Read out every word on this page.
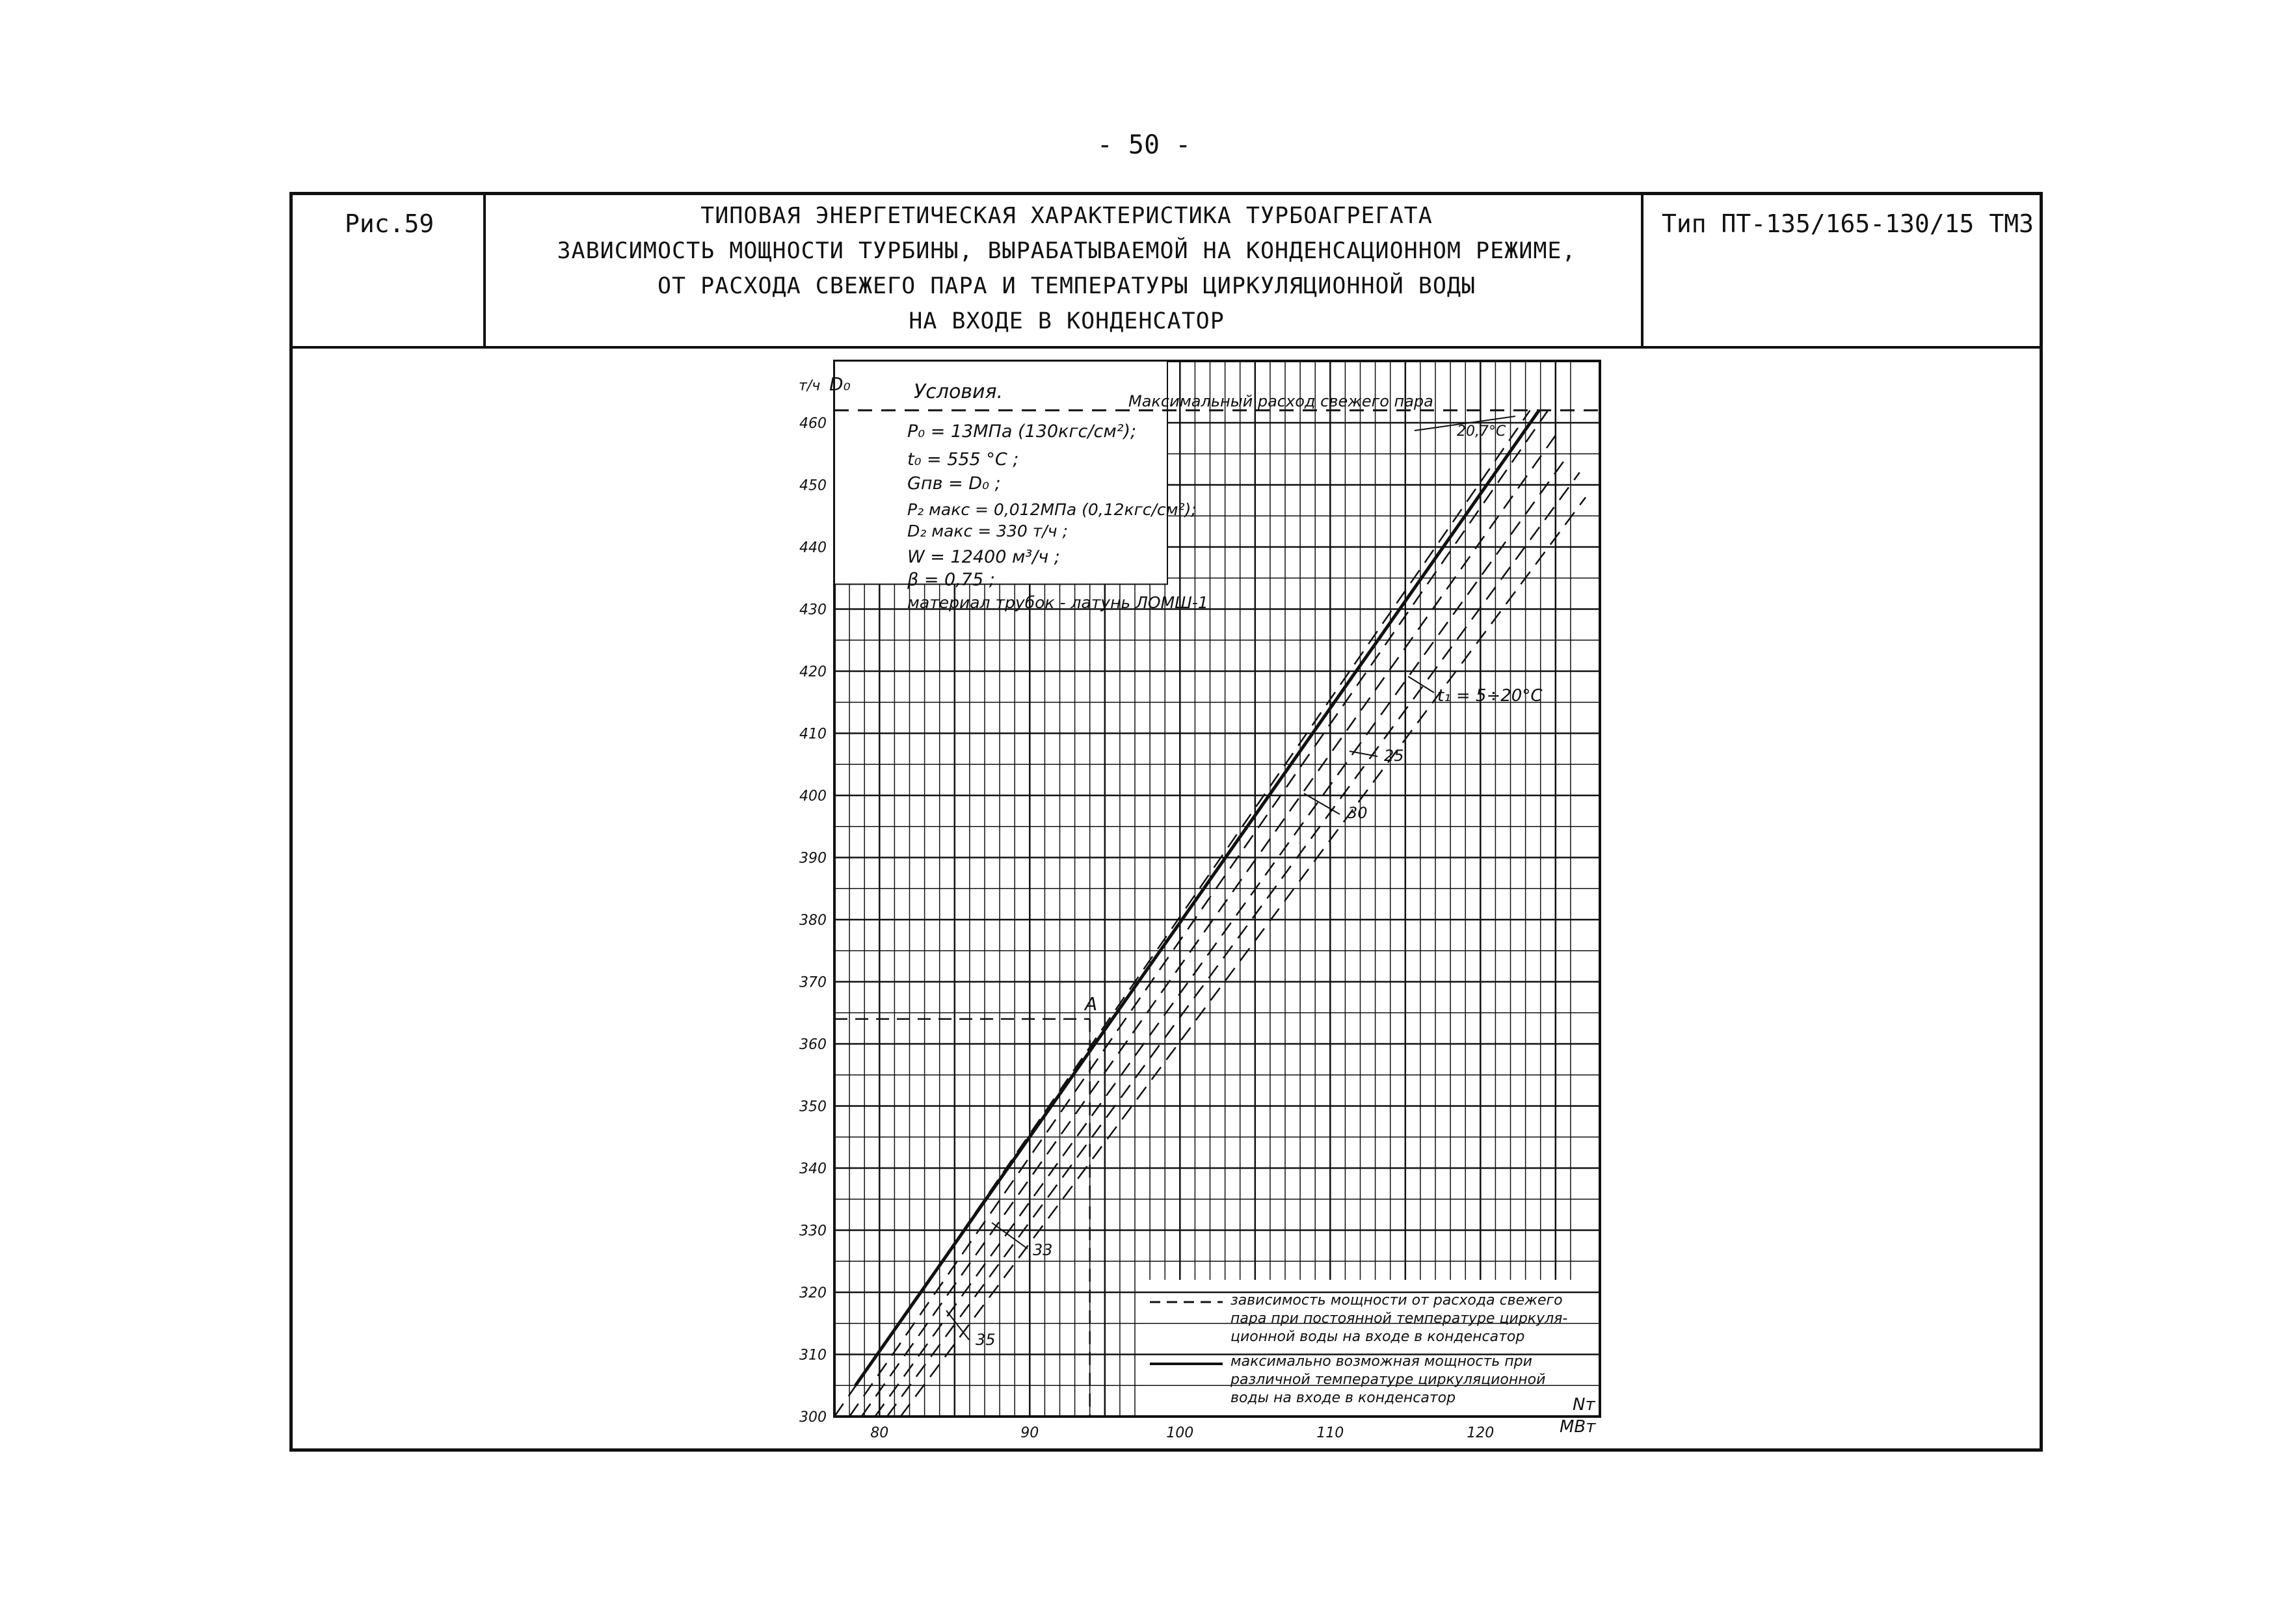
- 50 -
Рис.59	Тип ПТ-135/165-130/15 ТМЗ
ТИПОВАЯ ЭНЕРГЕТИЧЕСКАЯ ХАРАКТЕРИСТИКА ТУРБОАГРЕГАТА
ЗАВИСИМОСТЬ МОЩНОСТИ ТУРБИНЫ, ВЫРАБАТЫВАЕМОЙ НА КОНДЕНСАЦИОННОМ РЕЖИМЕ,
ОТ РАСХОДА СВЕЖЕГО ПАРА И ТЕМПЕРАТУРЫ ЦИРКУЛЯЦИОННОЙ ВОДЫ
НА ВХОДЕ В КОНДЕНСАТОР
300
310
320
330
340
350
360
370
380
390
400
410
420
430
440
450
460
80	90	100	110	120
D₀
т/ч
Nт
МВт
Условия.
P₀ = 13МПа (130кгс/см²);
t₀ = 555 °C ;
Gпв = D₀ ;
P₂ макс = 0,012МПа (0,12кгс/см²);
D₂ макс = 330 т/ч ;
W = 12400 м³/ч ;
β = 0,75 ;
материал трубок - латунь ЛОМШ-1
Максимальный расход свежего пара
20,7°C
t₁ = 5÷20°C
А
25
30
33
35
зависимость мощности от расхода свежего пара при постоянной температуре циркуля- ционной воды на входе в конденсатор
максимально возможная мощность при различной температуре циркуляционной воды на входе в конденсатор
